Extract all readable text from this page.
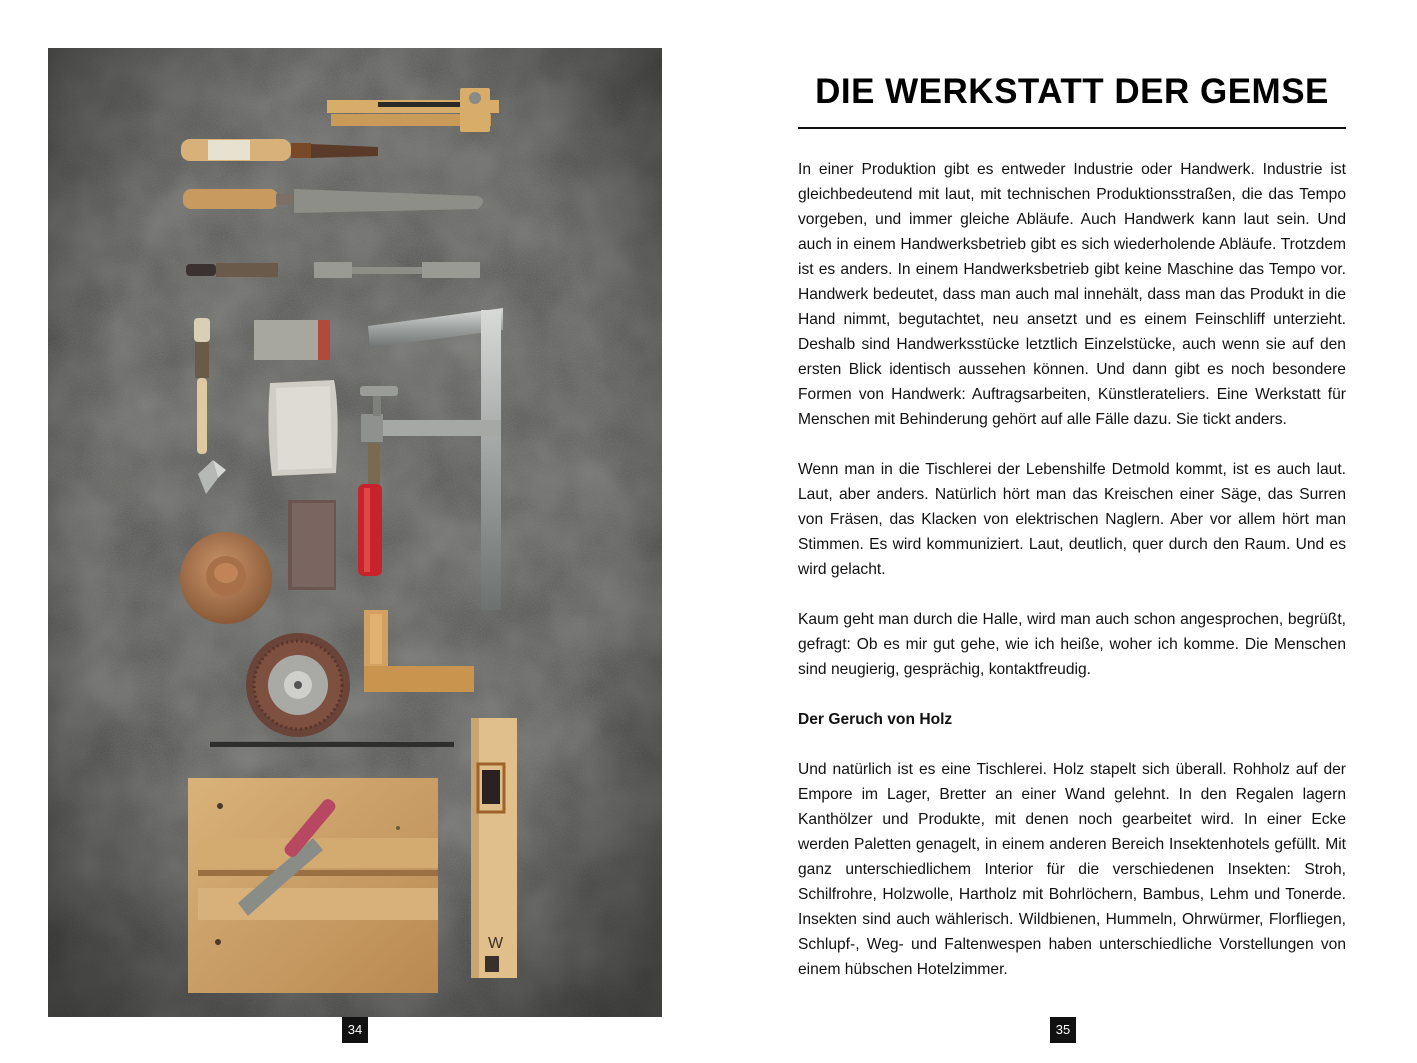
W
34
DIE WERKSTATT DER GEMSE

In einer Produktion gibt es entweder Industrie oder Handwerk. Industrie ist gleichbedeutend mit laut, mit technischen Produktionsstraßen, die das Tempo vorgeben, und immer gleiche Abläufe. Auch Handwerk kann laut sein. Und auch in einem Handwerksbetrieb gibt es sich wiederholende Abläufe. Trotzdem ist es anders. In einem Handwerksbetrieb gibt keine Maschine das Tempo vor. Handwerk bedeutet, dass man auch mal innehält, dass man das Produkt in die Hand nimmt, begutachtet, neu ansetzt und es einem Feinschliff unterzieht. Deshalb sind Handwerksstücke letztlich Einzelstücke, auch wenn sie auf den ersten Blick identisch aussehen können. Und dann gibt es noch besondere Formen von Handwerk: Auftragsarbeiten, Künstlerateliers. Eine Werkstatt für Menschen mit Behinderung gehört auf alle Fälle dazu. Sie tickt anders.

Wenn man in die Tischlerei der Lebenshilfe Detmold kommt, ist es auch laut. Laut, aber anders. Natürlich hört man das Kreischen einer Säge, das Surren von Fräsen, das Klacken von elektrischen Naglern. Aber vor allem hört man Stimmen. Es wird kommuniziert. Laut, deutlich, quer durch den Raum. Und es wird gelacht.

Kaum geht man durch die Halle, wird man auch schon angesprochen, begrüßt, gefragt: Ob es mir gut gehe, wie ich heiße, woher ich komme. Die Menschen sind neugierig, gesprächig, kontaktfreudig.

Der Geruch von Holz

Und natürlich ist es eine Tischlerei. Holz stapelt sich überall. Rohholz auf der Empore im Lager, Bretter an einer Wand gelehnt. In den Regalen lagern Kanthölzer und Produkte, mit denen noch gearbeitet wird. In einer Ecke werden Paletten genagelt, in einem anderen Bereich Insektenhotels gefüllt. Mit ganz unterschiedlichem Interior für die verschiedenen Insekten: Stroh, Schilfrohre, Holzwolle, Hartholz mit Bohrlöchern, Bambus, Lehm und Tonerde. Insekten sind auch wählerisch. Wildbienen, Hummeln, Ohrwürmer, Florfliegen, Schlupf-, Weg- und Faltenwespen haben unterschiedliche Vorstellungen von einem hübschen Hotelzimmer.

35
